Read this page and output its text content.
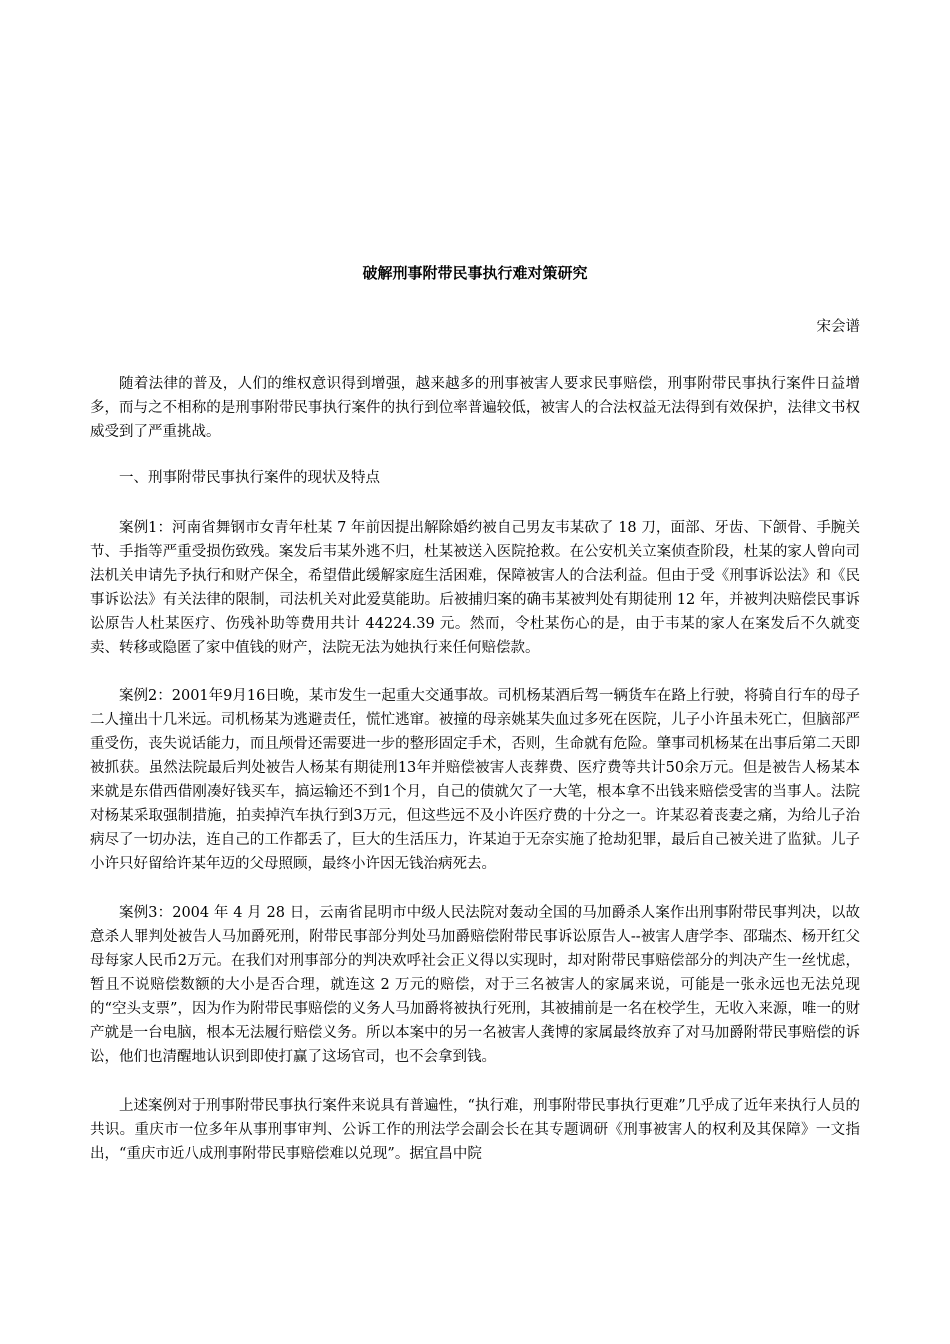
破解刑事附带民事执行难对策研究
宋会谱

随着法律的普及，人们的维权意识得到增强，越来越多的刑事被害人要求民事赔偿，刑事附带民事执行案件日益增多，而与之不相称的是刑事附带民事执行案件的执行到位率普遍较低，被害人的合法权益无法得到有效保护，法律文书权威受到了严重挑战。

一、刑事附带民事执行案件的现状及特点

案例1：河南省舞钢市女青年杜某 7 年前因提出解除婚约被自己男友韦某砍了 18 刀，面部、牙齿、下颌骨、手腕关节、手指等严重受损伤致残。案发后韦某外逃不归，杜某被送入医院抢救。在公安机关立案侦查阶段，杜某的家人曾向司法机关申请先予执行和财产保全，希望借此缓解家庭生活困难，保障被害人的合法利益。但由于受《刑事诉讼法》和《民事诉讼法》有关法律的限制，司法机关对此爱莫能助。后被捕归案的确韦某被判处有期徒刑 12 年，并被判决赔偿民事诉讼原告人杜某医疗、伤残补助等费用共计 44224.39 元。然而，令杜某伤心的是，由于韦某的家人在案发后不久就变卖、转移或隐匿了家中值钱的财产，法院无法为她执行来任何赔偿款。

案例2：2001年9月16日晚，某市发生一起重大交通事故。司机杨某酒后驾一辆货车在路上行驶，将骑自行车的母子二人撞出十几米远。司机杨某为逃避责任，慌忙逃窜。被撞的母亲姚某失血过多死在医院，儿子小许虽未死亡，但脑部严重受伤，丧失说话能力，而且颅骨还需要进一步的整形固定手术，否则，生命就有危险。肇事司机杨某在出事后第二天即被抓获。虽然法院最后判处被告人杨某有期徒刑13年并赔偿被害人丧葬费、医疗费等共计50余万元。但是被告人杨某本来就是东借西借刚凑好钱买车，搞运输还不到1个月，自己的债就欠了一大笔，根本拿不出钱来赔偿受害的当事人。法院对杨某采取强制措施，拍卖掉汽车执行到3万元，但这些远不及小许医疗费的十分之一。许某忍着丧妻之痛，为给儿子治病尽了一切办法，连自己的工作都丢了，巨大的生活压力，许某迫于无奈实施了抢劫犯罪，最后自己被关进了监狱。儿子小许只好留给许某年迈的父母照顾，最终小许因无钱治病死去。

案例3：2004 年 4 月 28 日，云南省昆明市中级人民法院对轰动全国的马加爵杀人案作出刑事附带民事判决，以故意杀人罪判处被告人马加爵死刑，附带民事部分判处马加爵赔偿附带民事诉讼原告人--被害人唐学李、邵瑞杰、杨开红父母每家人民币2万元。在我们对刑事部分的判决欢呼社会正义得以实现时，却对附带民事赔偿部分的判决产生一丝忧虑，暂且不说赔偿数额的大小是否合理，就连这 2 万元的赔偿，对于三名被害人的家属来说，可能是一张永远也无法兑现的“空头支票”，因为作为附带民事赔偿的义务人马加爵将被执行死刑，其被捕前是一名在校学生，无收入来源，唯一的财产就是一台电脑，根本无法履行赔偿义务。所以本案中的另一名被害人龚博的家属最终放弃了对马加爵附带民事赔偿的诉讼，他们也清醒地认识到即使打赢了这场官司，也不会拿到钱。

上述案例对于刑事附带民事执行案件来说具有普遍性，“执行难，刑事附带民事执行更难”几乎成了近年来执行人员的共识。重庆市一位多年从事刑事审判、公诉工作的刑法学会副会长在其专题调研《刑事被害人的权利及其保障》一文指出，“重庆市近八成刑事附带民事赔偿难以兑现”。据宜昌中院
